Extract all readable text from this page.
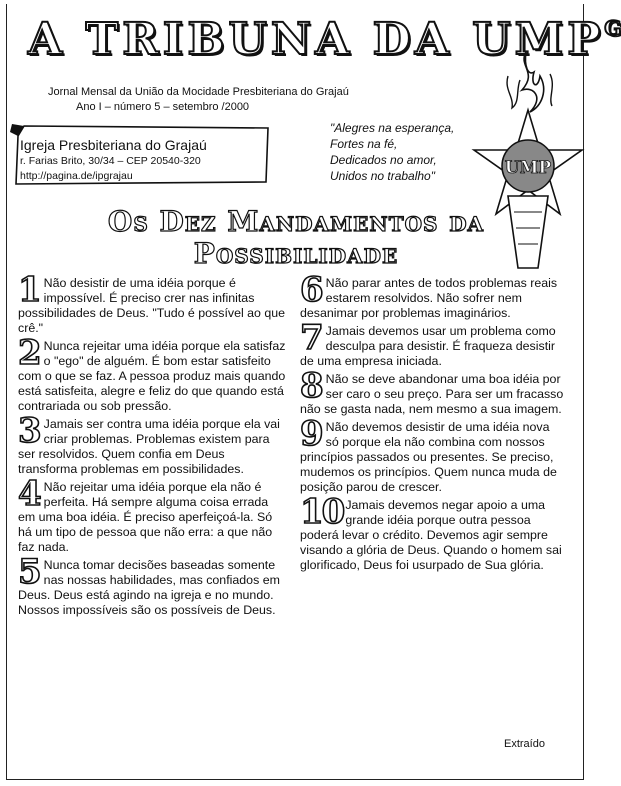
A TRIBUNA DA $UMP^G$
Jornal Mensal da União da Mocidade Presbiteriana do Grajaú
Ano I – número 5 – setembro /2000
Igreja Presbiteriana do Grajaú
r. Farias Brito, 30/34 – CEP 20540-320
http://pagina.de/ipgrajau
"Alegres na esperança,
Fortes na fé,
Dedicados no amor,
Unidos no trabalho"	UMP
Os Dez Mandamentos da
Possibilidade
1 Não desistir de uma idéia porque é impossível. É preciso crer nas infinitas possibilidades de Deus. "Tudo é possível ao que crê."
2 Nunca rejeitar uma idéia porque ela satisfaz o "ego" de alguém. É bom estar satisfeito com o que se faz. A pessoa produz mais quando está satisfeita, alegre e feliz do que quando está contrariada ou sob pressão.
3 Jamais ser contra uma idéia porque ela vai criar problemas. Problemas existem para ser resolvidos. Quem confia em Deus transforma problemas em possibilidades.
4 Não rejeitar uma idéia porque ela não é perfeita. Há sempre alguma coisa errada em uma boa idéia. É preciso aperfeiçoá-la. Só há um tipo de pessoa que não erra: a que não faz nada.
5 Nunca tomar decisões baseadas somente nas nossas habilidades, mas confiados em Deus. Deus está agindo na igreja e no mundo. Nossos impossíveis são os possíveis de Deus.
6 Não parar antes de todos problemas reais estarem resolvidos. Não sofrer nem desanimar por problemas imaginários.
7 Jamais devemos usar um problema como desculpa para desistir. É fraqueza desistir de uma empresa iniciada.
8 Não se deve abandonar uma boa idéia por ser caro o seu preço. Para ser um fracasso não se gasta nada, nem mesmo a sua imagem.
9 Não devemos desistir de uma idéia nova só porque ela não combina com nossos princípios passados ou presentes. Se preciso, mudemos os princípios. Quem nunca muda de posição parou de crescer.
10 Jamais devemos negar apoio a uma grande idéia porque outra pessoa poderá levar o crédito. Devemos agir sempre visando a glória de Deus. Quando o homem sai glorificado, Deus foi usurpado de Sua glória.
Extraído
